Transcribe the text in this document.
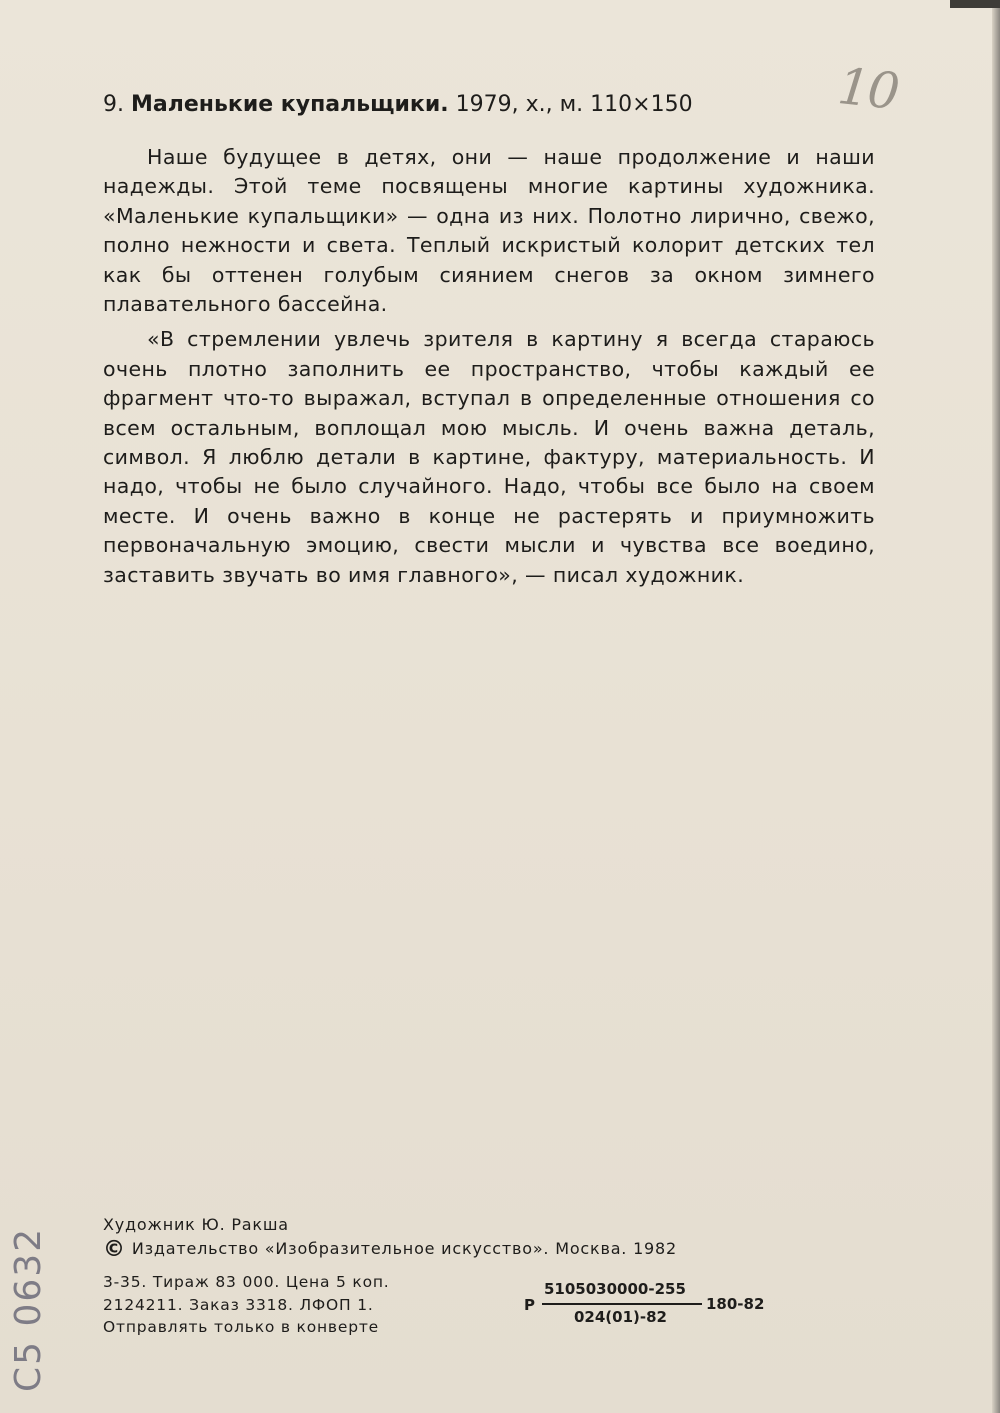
10
9. Маленькие купальщики. 1979, х., м. 110×150

Наше будущее в детях, они — наше продолжение и наши надежды. Этой теме посвящены многие картины художника. «Маленькие купальщики» — одна из них. Полотно лирично, свежо, полно нежности и света. Теплый искристый колорит детских тел как бы оттенен голубым сиянием снегов за окном зимнего плавательного бассейна.

«В стремлении увлечь зрителя в картину я всегда стараюсь очень плотно заполнить ее пространство, чтобы каждый ее фрагмент что-то выражал, вступал в определенные отношения со всем остальным, воплощал мою мысль. И очень важна деталь, символ. Я люблю детали в картине, фактуру, материальность. И надо, чтобы не было случайного. Надо, чтобы все было на своем месте. И очень важно в конце не растерять и приумножить первоначальную эмоцию, свести мысли и чувства все воедино, заставить звучать во имя главного», — писал художник.

Художник Ю. Ракша
© Издательство «Изобразительное искусство». Москва. 1982
3-35. Тираж 83 000. Цена 5 коп.
2124211. Заказ 3318. ЛФОП 1.
Отправлять только в конверте
Р
5105030000-255
024(01)-82
180-82
C5 0632
